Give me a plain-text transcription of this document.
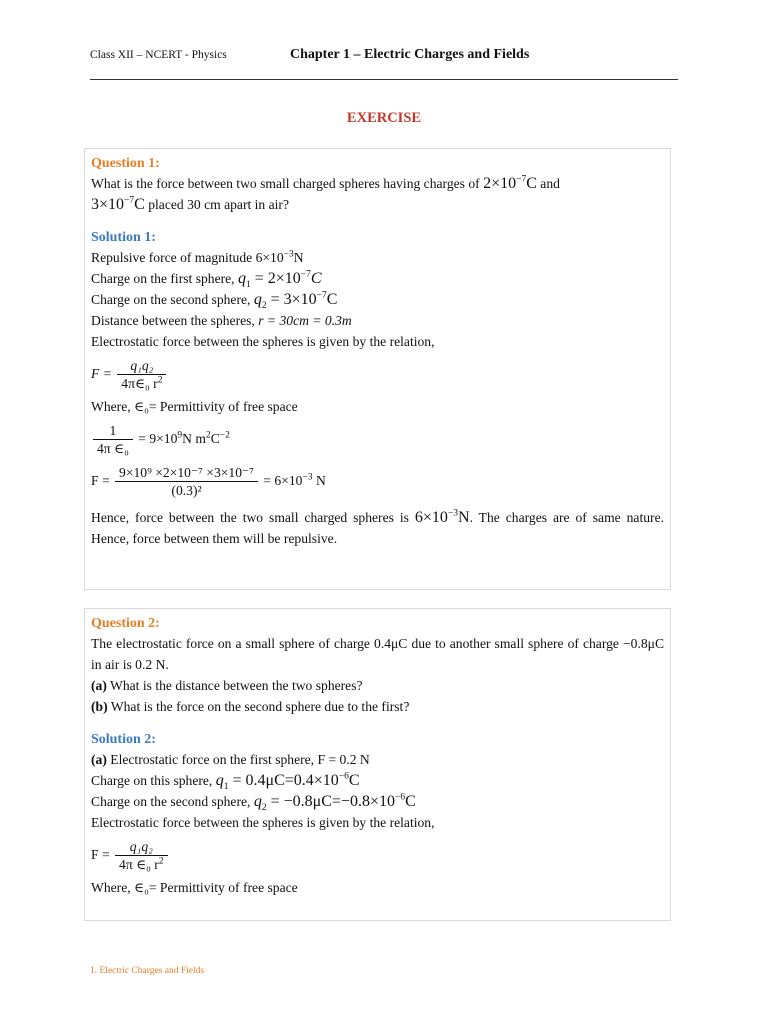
Class XII – NCERT - Physics	Chapter 1 – Electric Charges and Fields
EXERCISE
Question 1:
What is the force between two small charged spheres having charges of $2\times 10^{-7}C$ and
$3\times 10^{-7}C$ placed 30 cm apart in air?
Solution 1:
Repulsive force of magnitude $6\times 10^{-3}N$
Charge on the first sphere, $q_1 = 2\times 10^{-7}C$
Charge on the second sphere, $q_2 = 3\times 10^{-7}C$
Distance between the spheres, r = 30cm = 0.3m
Electrostatic force between the spheres is given by the relation,
$F = \frac{\text{q₁q₂}}{4\pi\in_0 r^2}$
Where, ∈₀= Permittivity of free space
$\frac{1}{\text{4π ∈₀}} = 9\times 10^9N$ $m^2C^{-2}$
$F = \frac{\text{9×10⁹ ×2×10⁻⁷ ×3×10⁻⁷}}{\text{(0.3)²}} = 6\times 10^{-3}$ N
Hence, force between the two small charged spheres is $6\times 10^{-3}N$. The charges are of same nature. Hence, force between them will be repulsive.
Question 2:
The electrostatic force on a small sphere of charge 0.4μC due to another small sphere of charge −0.8μC in air is 0.2 N.
(a) What is the distance between the two spheres?
(b) What is the force on the second sphere due to the first?
Solution 2:
(a) Electrostatic force on the first sphere, F = 0.2 N
Charge on this sphere, $q_1 = 0.4\mu C=0.4\times 10^{-6}C$
Charge on the second sphere, $q_2 = -0.8\mu C=-0.8\times 10^{-6}C$
Electrostatic force between the spheres is given by the relation,
$F = \frac{\text{q₁q₂}}{4\pi \in_0 r^2}$
Where, ∈₀= Permittivity of free space
1. Electric Charges and Fields
